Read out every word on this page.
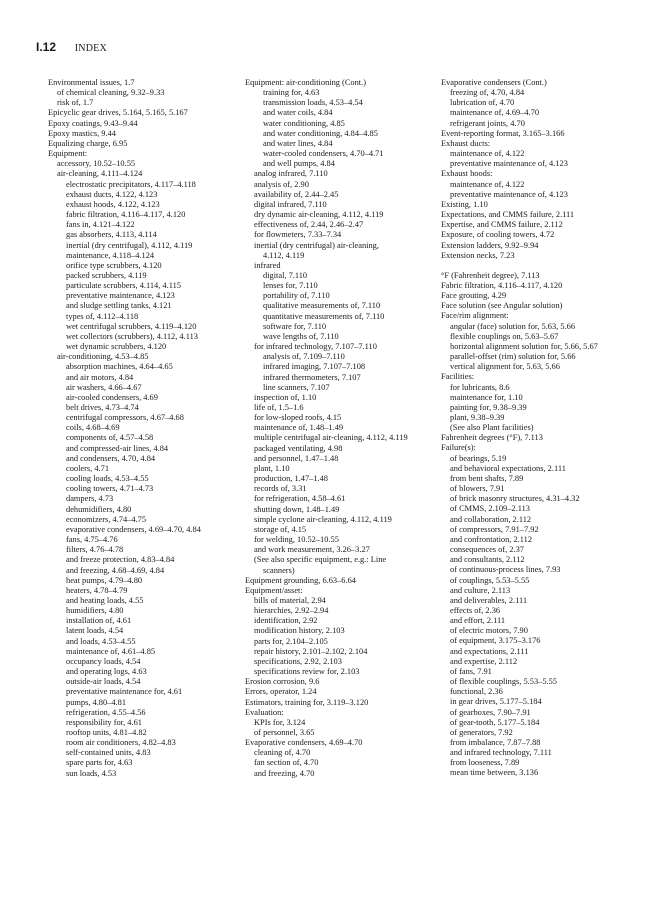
I.12 INDEX
Environmental issues, 1.7
of chemical cleaning, 9.32–9.33
risk of, 1.7
Epicyclic gear drives, 5.164, 5.165, 5.167
Epoxy coatings, 9.43–9.44
Epoxy mastics, 9.44
Equalizing charge, 6.95
Equipment:
accessory, 10.52–10.55
air-cleaning, 4.111–4.124
electrostatic precipitators, 4.117–4.118
exhaust ducts, 4.122, 4.123
exhaust hoods, 4.122, 4.123
fabric filtration, 4.116–4.117, 4.120
fans in, 4.121–4.122
gas absorbers, 4.113, 4.114
inertial (dry centrifugal), 4.112, 4.119
maintenance, 4.118–4.124
orifice type scrubbers, 4.120
packed scrubbers, 4.119
particulate scrubbers, 4.114, 4.115
preventative maintenance, 4.123
and sludge settling tanks, 4.121
types of, 4.112–4.118
wet centrifugal scrubbers, 4.119–4.120
wet collectors (scrubbers), 4.112, 4.113
wet dynamic scrubbers, 4.120
air-conditioning, 4.53–4.85
absorption machines, 4.64–4.65
and air motors, 4.84
air washers, 4.66–4.67
air-cooled condensers, 4.69
belt drives, 4.73–4.74
centrifugal compressors, 4.67–4.68
coils, 4.68–4.69
components of, 4.57–4.58
and compressed-air lines, 4.84
and condensers, 4.70, 4.84
coolers, 4.71
cooling loads, 4.53–4.55
cooling towers, 4.71–4.73
dampers, 4.73
dehumidifiers, 4.80
economizers, 4.74–4.75
evaporative condensers, 4.69–4.70, 4.84
fans, 4.75–4.76
filters, 4.76–4.78
and freeze protection, 4.83–4.84
and freezing, 4.68–4.69, 4.84
heat pumps, 4.79–4.80
heaters, 4.78–4.79
and heating loads, 4.55
humidifiers, 4.80
installation of, 4.61
latent loads, 4.54
and loads, 4.53–4.55
maintenance of, 4.61–4.85
occupancy loads, 4.54
and operating logs, 4.63
outside-air loads, 4.54
preventative maintenance for, 4.61
pumps, 4.80–4.81
refrigeration, 4.55–4.56
responsibility for, 4.61
rooftop units, 4.81–4.82
room air conditioners, 4.82–4.83
self-contained units, 4.83
spare parts for, 4.63
sun loads, 4.53
Equipment: air-conditioning (Cont.)
training for, 4.63
transmission loads, 4.53–4.54
and water coils, 4.84
water conditioning, 4.85
and water conditioning, 4.84–4.85
and water lines, 4.84
water-cooled condensers, 4.70–4.71
and well pumps, 4.84
analog infrared, 7.110
analysis of, 2.90
availability of, 2.44–2.45
digital infrared, 7.110
dry dynamic air-cleaning, 4.112, 4.119
effectiveness of, 2.44, 2.46–2.47
for flowmeters, 7.33–7.34
inertial (dry centrifugal) air-cleaning,
4.112, 4.119
infrared
digital, 7.110
lenses for, 7.110
portability of, 7.110
qualitative measurements of, 7.110
quantitative measurements of, 7.110
software for, 7.110
wave lengths of, 7.110
for infrared technology, 7.107–7.110
analysis of, 7.109–7.110
infrared imaging, 7.107–7.108
infrared thermometers, 7.107
line scanners, 7.107
inspection of, 1.10
life of, 1.5–1.6
for low-sloped roofs, 4.15
maintenance of, 1.48–1.49
multiple centrifugal air-cleaning, 4.112, 4.119
packaged ventilating, 4.98
and personnel, 1.47–1.48
plant, 1.10
production, 1.47–1.48
records of, 3.31
for refrigeration, 4.58–4.61
shutting down, 1.48–1.49
simple cyclone air-cleaning, 4.112, 4.119
storage of, 4.15
for welding, 10.52–10.55
and work measurement, 3.26–3.27
(See also specific equipment, e.g.: Line
scanners)
Equipment grounding, 6.63–6.64
Equipment/asset:
bills of material, 2.94
hierarchies, 2.92–2.94
identification, 2.92
modification history, 2.103
parts for, 2.104–2.105
repair history, 2.101–2.102, 2.104
specifications, 2.92, 2.103
specifications review for, 2.103
Erosion corrosion, 9.6
Errors, operator, 1.24
Estimators, training for, 3.119–3.120
Evaluation:
KPIs for, 3.124
of personnel, 3.65
Evaporative condensers, 4.69–4.70
cleaning of, 4.70
fan section of, 4.70
and freezing, 4.70
Evaporative condensers (Cont.)
freezing of, 4.70, 4.84
lubrication of, 4.70
maintenance of, 4.69–4.70
refrigerant joints, 4.70
Event-reporting format, 3.165–3.166
Exhaust ducts:
maintenance of, 4.122
preventative maintenance of, 4.123
Exhaust hoods:
maintenance of, 4.122
preventative maintenance of, 4.123
Existing, 1.10
Expectations, and CMMS failure, 2.111
Expertise, and CMMS failure, 2.112
Exposure, of cooling towers, 4.72
Extension ladders, 9.92–9.94
Extension necks, 7.23
°F (Fahrenheit degree), 7.113
Fabric filtration, 4.116–4.117, 4.120
Face grouting, 4.29
Face solution (see Angular solution)
Face/rim alignment:
angular (face) solution for, 5.63, 5.66
flexible couplings on, 5.63–5.67
horizontal alignment solution for, 5.66, 5.67
parallel-offset (rim) solution for, 5.66
vertical alignment for, 5.63, 5.66
Facilities:
for lubricants, 8.6
maintenance for, 1.10
painting for, 9.38–9.39
plant, 9.38–9.39
(See also Plant facilities)
Fahrenheit degrees (°F), 7.113
Failure(s):
of bearings, 5.19
and behavioral expectations, 2.111
from bent shafts, 7.89
of blowers, 7.91
of brick masonry structures, 4.31–4.32
of CMMS, 2.109–2.113
and collaboration, 2.112
of compressors, 7.91–7.92
and confrontation, 2.112
consequences of, 2.37
and consultants, 2.112
of continuous-process lines, 7.93
of couplings, 5.53–5.55
and culture, 2.113
and deliverables, 2.111
effects of, 2.36
and effort, 2.111
of electric motors, 7.90
of equipment, 3.175–3.176
and expectations, 2.111
and expertise, 2.112
of fans, 7.91
of flexible couplings, 5.53–5.55
functional, 2.36
in gear drives, 5.177–5.184
of gearboxes, 7.90–7.91
of gear-tooth, 5.177–5.184
of generators, 7.92
from imbalance, 7.87–7.88
and infrared technology, 7.111
from looseness, 7.89
mean time between, 3.136
